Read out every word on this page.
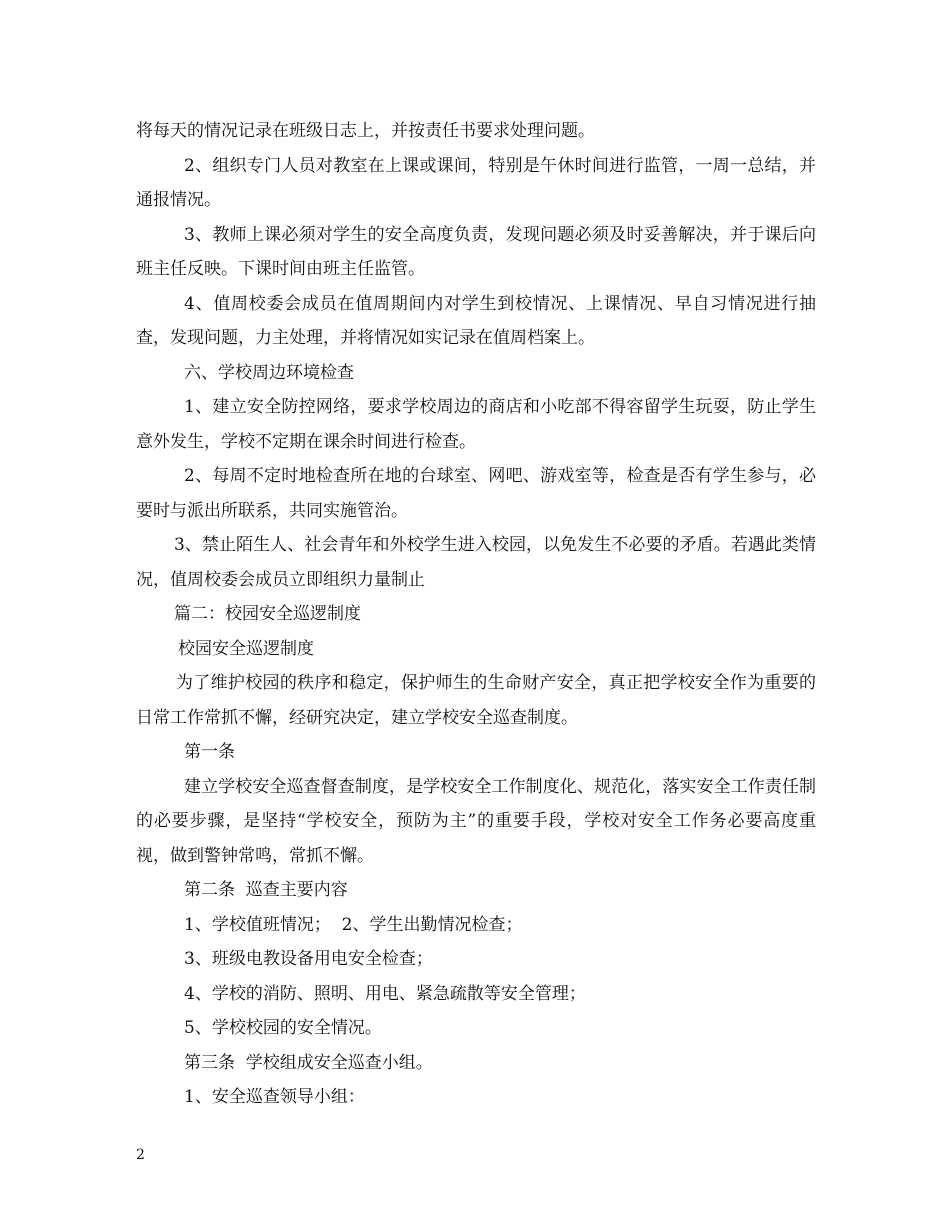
将每天的情况记录在班级日志上，并按责任书要求处理问题。

2、组织专门人员对教室在上课或课间，特别是午休时间进行监管，一周一总结，并通报情况。

3、教师上课必须对学生的安全高度负责，发现问题必须及时妥善解决，并于课后向班主任反映。下课时间由班主任监管。

4、值周校委会成员在值周期间内对学生到校情况、上课情况、早自习情况进行抽查，发现问题，力主处理，并将情况如实记录在值周档案上。

六、学校周边环境检查

1、建立安全防控网络，要求学校周边的商店和小吃部不得容留学生玩耍，防止学生意外发生，学校不定期在课余时间进行检查。

2、每周不定时地检查所在地的台球室、网吧、游戏室等，检查是否有学生参与，必要时与派出所联系，共同实施管治。

3、禁止陌生人、社会青年和外校学生进入校园，以免发生不必要的矛盾。若遇此类情况，值周校委会成员立即组织力量制止

篇二：校园安全巡逻制度

校园安全巡逻制度

为了维护校园的秩序和稳定，保护师生的生命财产安全，真正把学校安全作为重要的日常工作常抓不懈，经研究决定，建立学校安全巡查制度。

第一条

建立学校安全巡查督查制度，是学校安全工作制度化、规范化，落实安全工作责任制的必要步骤，是坚持“学校安全，预防为主”的重要手段，学校对安全工作务必要高度重视，做到警钟常鸣，常抓不懈。

第二条  巡查主要内容

1、学校值班情况；  2、学生出勤情况检查；

3、班级电教设备用电安全检查；

4、学校的消防、照明、用电、紧急疏散等安全管理；

5、学校校园的安全情况。

第三条  学校组成安全巡查小组。

1、安全巡查领导小组：

2
